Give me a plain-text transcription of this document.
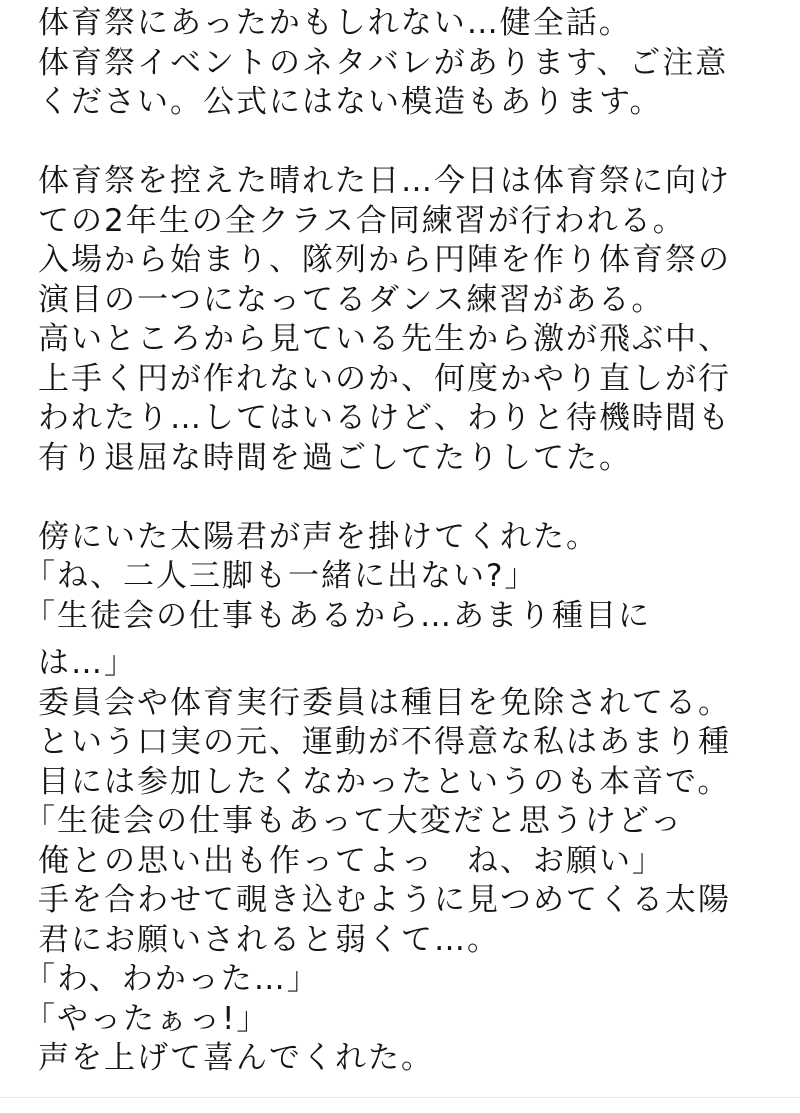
体育祭にあったかもしれない…健全話。
体育祭イベントのネタバレがあります、ご注意
ください。公式にはない模造もあります。
体育祭を控えた晴れた日…今日は体育祭に向け
ての2年生の全クラス合同練習が行われる。
入場から始まり、隊列から円陣を作り体育祭の
演目の一つになってるダンス練習がある。
高いところから見ている先生から激が飛ぶ中、
上手く円が作れないのか、何度かやり直しが行
われたり…してはいるけど、わりと待機時間も
有り退屈な時間を過ごしてたりしてた。
傍にいた太陽君が声を掛けてくれた。
「ね、二人三脚も一緒に出ない?」
「生徒会の仕事もあるから…あまり種目に
は…」
委員会や体育実行委員は種目を免除されてる。
という口実の元、運動が不得意な私はあまり種
目には参加したくなかったというのも本音で。
「生徒会の仕事もあって大変だと思うけどっ
俺との思い出も作ってよっ　ね、お願い」
手を合わせて覗き込むように見つめてくる太陽
君にお願いされると弱くて…。
「わ、わかった…」
「やったぁっ!」
声を上げて喜んでくれた。
